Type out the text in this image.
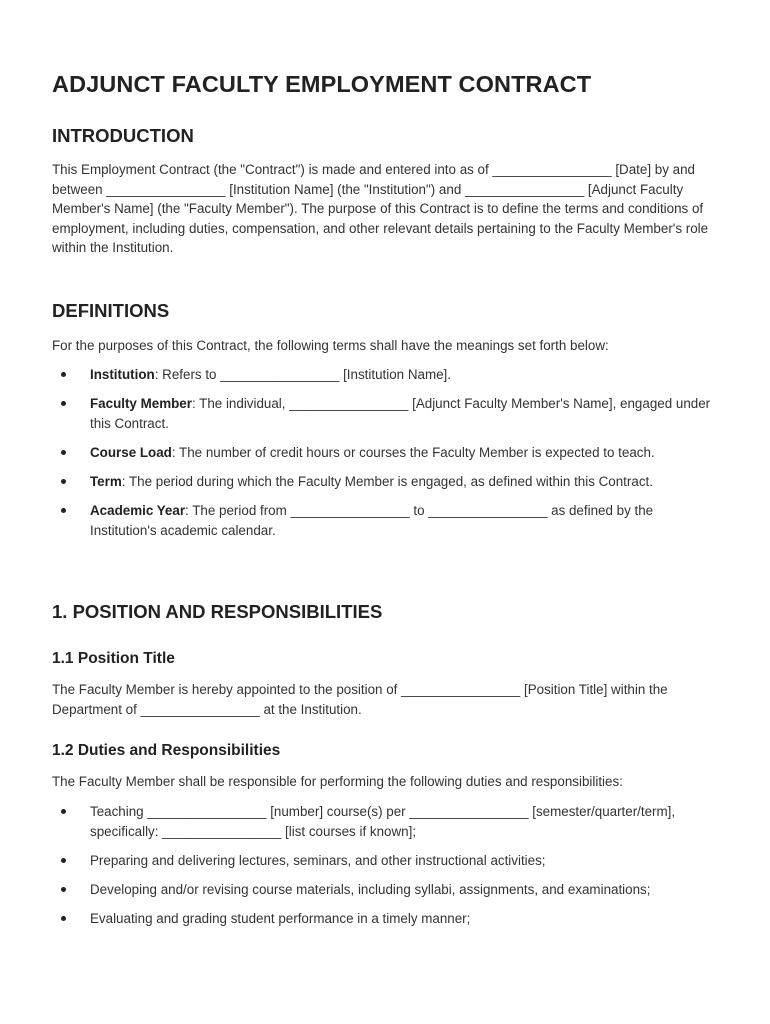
ADJUNCT FACULTY EMPLOYMENT CONTRACT
INTRODUCTION

This Employment Contract (the "Contract") is made and entered into as of ________________ [Date] by and between ________________ [Institution Name] (the "Institution") and ________________ [Adjunct Faculty Member's Name] (the "Faculty Member"). The purpose of this Contract is to define the terms and conditions of employment, including duties, compensation, and other relevant details pertaining to the Faculty Member's role within the Institution.

DEFINITIONS

For the purposes of this Contract, the following terms shall have the meanings set forth below:

Institution: Refers to ________________ [Institution Name].
Faculty Member: The individual, ________________ [Adjunct Faculty Member's Name], engaged under this Contract.
Course Load: The number of credit hours or courses the Faculty Member is expected to teach.
Term: The period during which the Faculty Member is engaged, as defined within this Contract.
Academic Year: The period from ________________ to ________________ as defined by the Institution's academic calendar.
1. POSITION AND RESPONSIBILITIES
1.1 Position Title

The Faculty Member is hereby appointed to the position of ________________ [Position Title] within the Department of ________________ at the Institution.

1.2 Duties and Responsibilities

The Faculty Member shall be responsible for performing the following duties and responsibilities:

Teaching ________________ [number] course(s) per ________________ [semester/quarter/term], specifically: ________________ [list courses if known];
Preparing and delivering lectures, seminars, and other instructional activities;
Developing and/or revising course materials, including syllabi, assignments, and examinations;
Evaluating and grading student performance in a timely manner;
